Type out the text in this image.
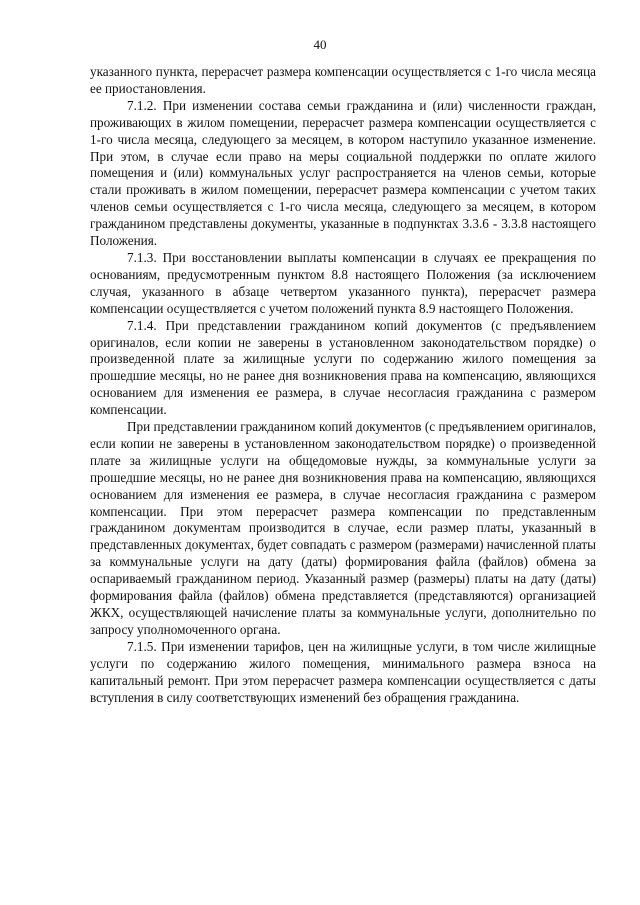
40

указанного пункта, перерасчет размера компенсации осуществляется с 1-го числа месяца ее приостановления.

7.1.2. При изменении состава семьи гражданина и (или) численности граждан, проживающих в жилом помещении, перерасчет размера компенсации осуществляется с 1-го числа месяца, следующего за месяцем, в котором наступило указанное изменение. При этом, в случае если право на меры социальной поддержки по оплате жилого помещения и (или) коммунальных услуг распространяется на членов семьи, которые стали проживать в жилом помещении, перерасчет размера компенсации с учетом таких членов семьи осуществляется с 1-го числа месяца, следующего за месяцем, в котором гражданином представлены документы, указанные в подпунктах 3.3.6 - 3.3.8 настоящего Положения.

7.1.3. При восстановлении выплаты компенсации в случаях ее прекращения по основаниям, предусмотренным пунктом 8.8 настоящего Положения (за исключением случая, указанного в абзаце четвертом указанного пункта), перерасчет размера компенсации осуществляется с учетом положений пункта 8.9 настоящего Положения.

7.1.4. При представлении гражданином копий документов (с предъявлением оригиналов, если копии не заверены в установленном законодательством порядке) о произведенной плате за жилищные услуги по содержанию жилого помещения за прошедшие месяцы, но не ранее дня возникновения права на компенсацию, являющихся основанием для изменения ее размера, в случае несогласия гражданина с размером компенсации.

При представлении гражданином копий документов (с предъявлением оригиналов, если копии не заверены в установленном законодательством порядке) о произведенной плате за жилищные услуги на общедомовые нужды, за коммунальные услуги за прошедшие месяцы, но не ранее дня возникновения права на компенсацию, являющихся основанием для изменения ее размера, в случае несогласия гражданина с размером компенсации. При этом перерасчет размера компенсации по представленным гражданином документам производится в случае, если размер платы, указанный в представленных документах, будет совпадать с размером (размерами) начисленной платы за коммунальные услуги на дату (даты) формирования файла (файлов) обмена за оспариваемый гражданином период. Указанный размер (размеры) платы на дату (даты) формирования файла (файлов) обмена представляется (представляются) организацией ЖКХ, осуществляющей начисление платы за коммунальные услуги, дополнительно по запросу уполномоченного органа.

7.1.5. При изменении тарифов, цен на жилищные услуги, в том числе жилищные услуги по содержанию жилого помещения, минимального размера взноса на капитальный ремонт. При этом перерасчет размера компенсации осуществляется с даты вступления в силу соответствующих изменений без обращения гражданина.
